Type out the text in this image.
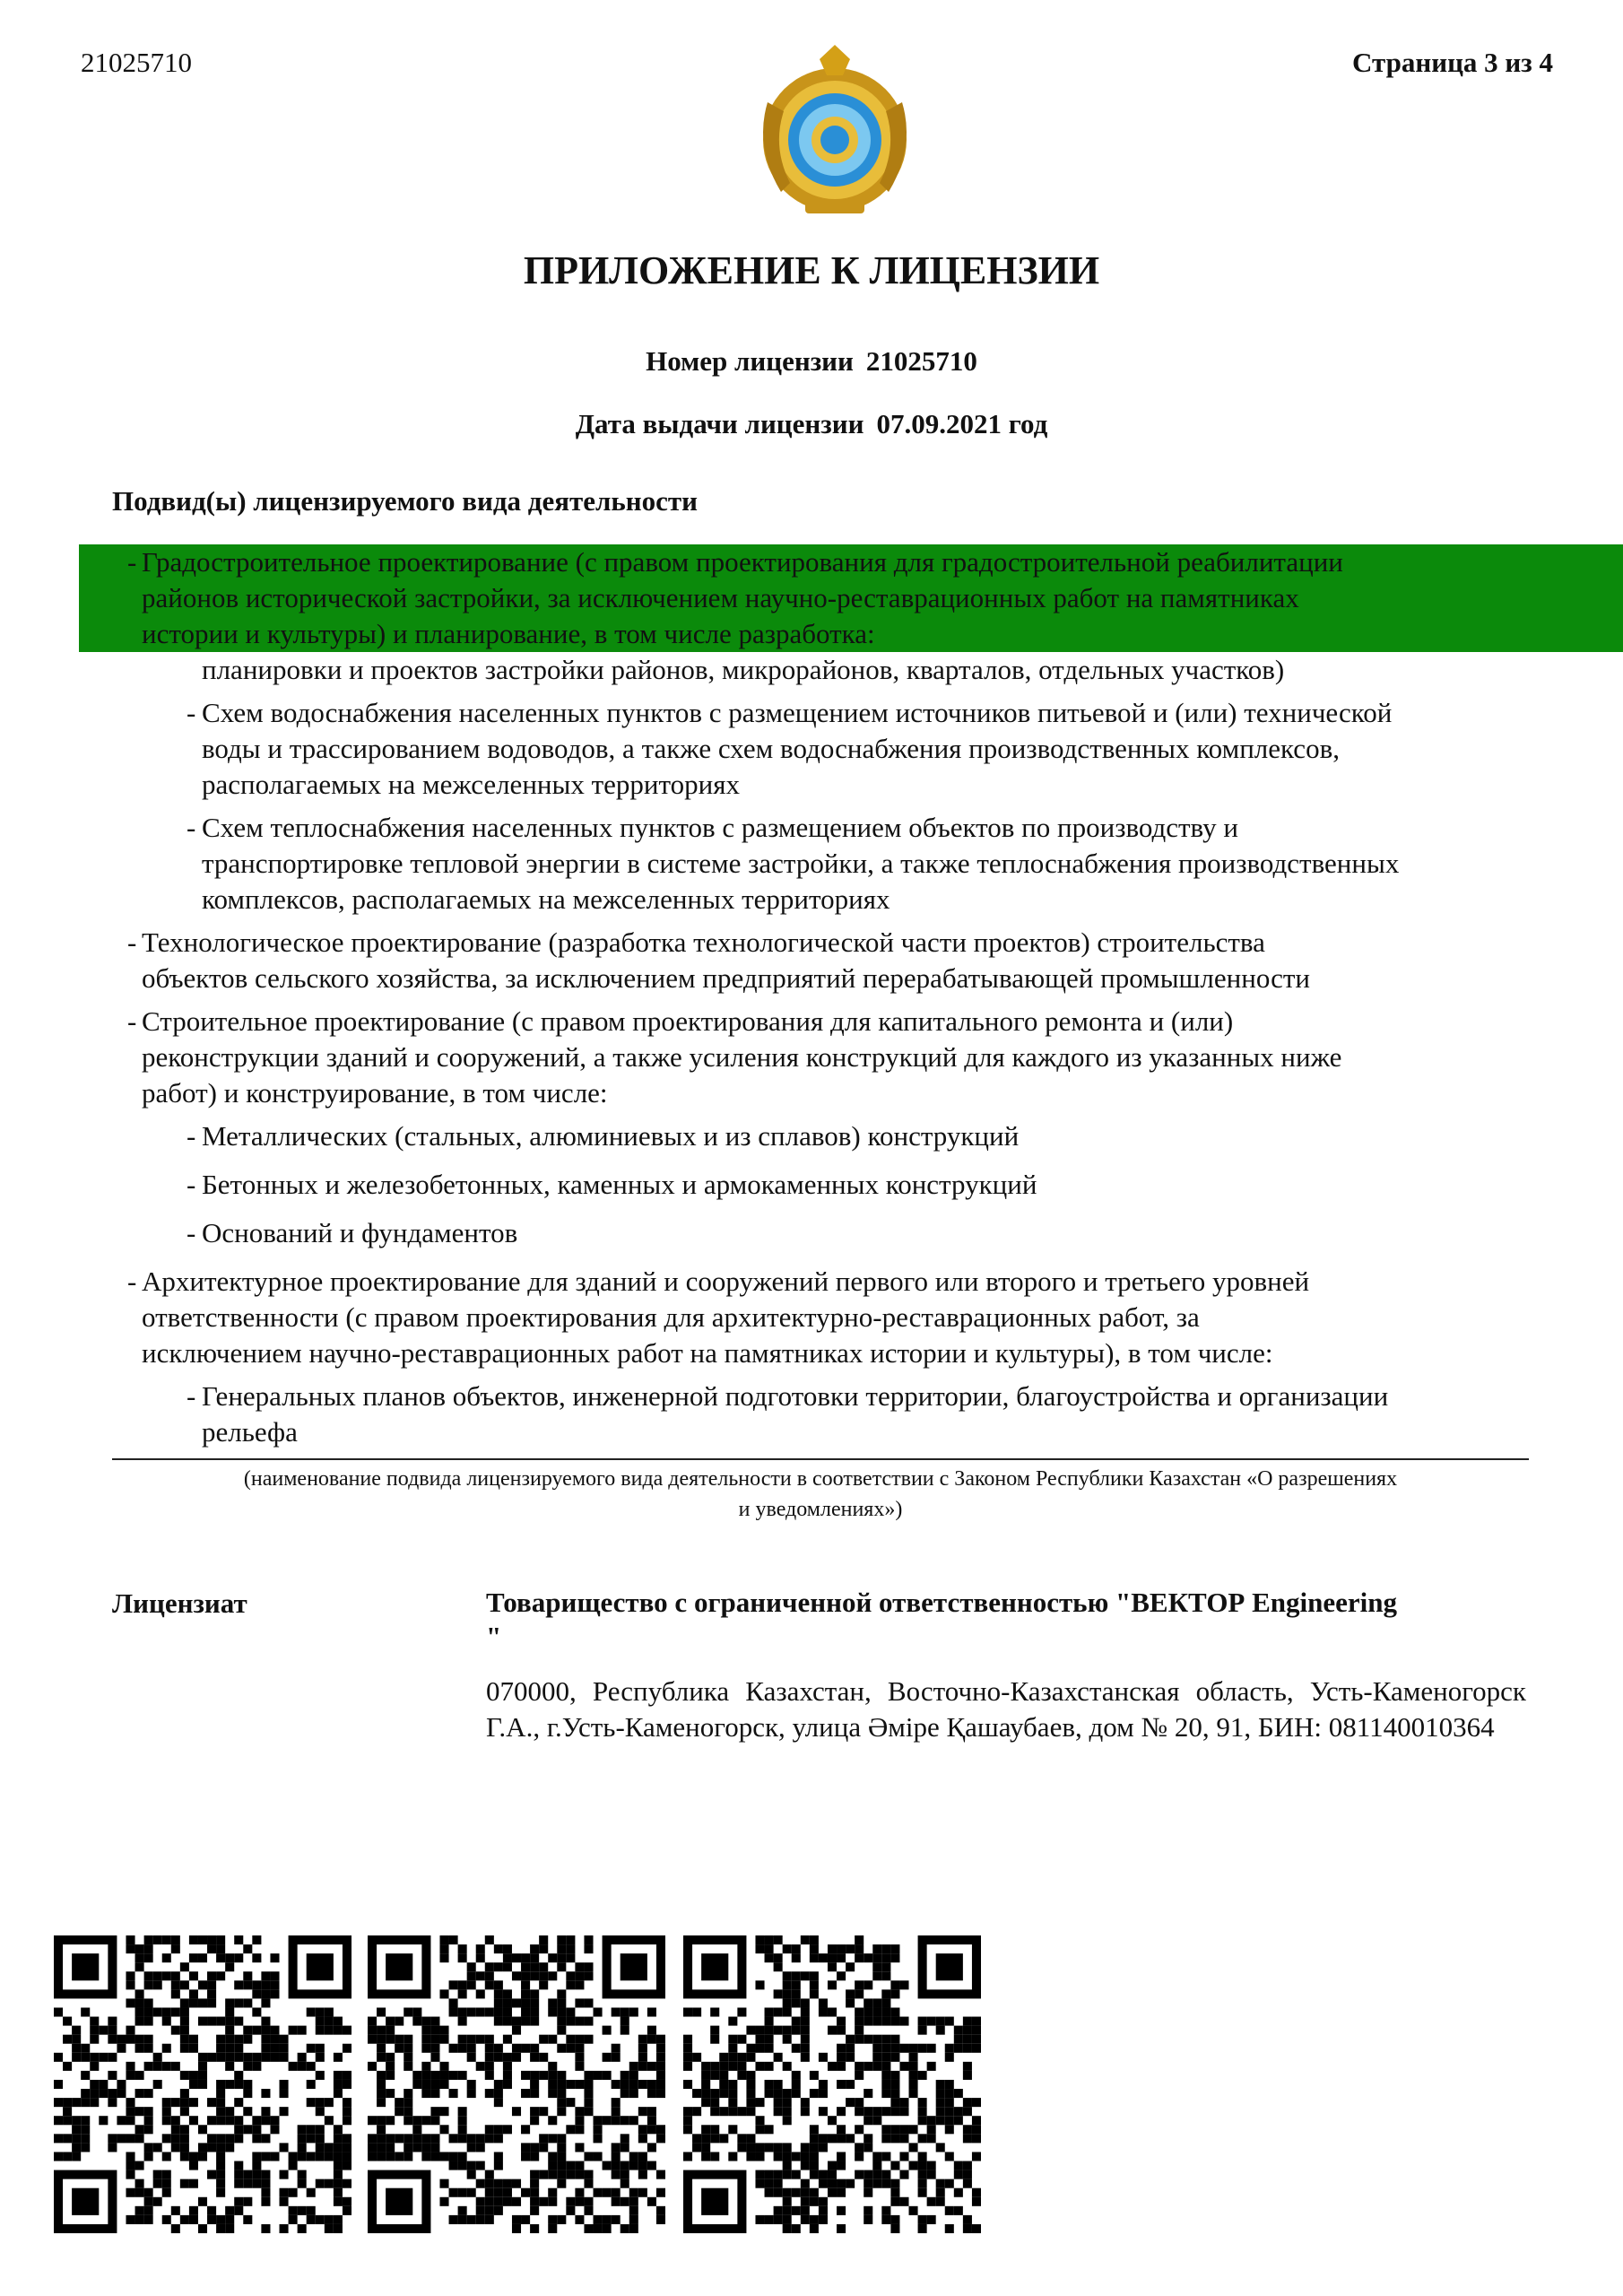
21025710	Страница 3 из 4
ПРИЛОЖЕНИЕ К ЛИЦЕНЗИИ
Номер лицензии 21025710
Дата выдачи лицензии 07.09.2021 год
Подвид(ы) лицензируемого вида деятельности
- Градостроительное проектирование (с правом проектирования для градостроительной реабилитации
районов исторической застройки, за исключением научно-реставрационных работ на памятниках
истории и культуры) и планирование, в том числе разработка:
планировки и проектов застройки районов, микрорайонов, кварталов, отдельных участков)
- Схем водоснабжения населенных пунктов с размещением источников питьевой и (или) технической
воды и трассированием водоводов, а также схем водоснабжения производственных комплексов,
располагаемых на межселенных территориях
- Схем теплоснабжения населенных пунктов с размещением объектов по производству и
транспортировке тепловой энергии в системе застройки, а также теплоснабжения производственных
комплексов, располагаемых на межселенных территориях
- Технологическое проектирование (разработка технологической части проектов) строительства
объектов сельского хозяйства, за исключением предприятий перерабатывающей промышленности
- Строительное проектирование (с правом проектирования для капитального ремонта и (или)
реконструкции зданий и сооружений, а также усиления конструкций для каждого из указанных ниже
работ) и конструирование, в том числе:
- Металлических (стальных, алюминиевых и из сплавов) конструкций
- Бетонных и железобетонных, каменных и армокаменных конструкций
- Оснований и фундаментов
- Архитектурное проектирование для зданий и сооружений первого или второго и третьего уровней
ответственности (с правом проектирования для архитектурно-реставрационных работ, за
исключением научно-реставрационных работ на памятниках истории и культуры), в том числе:
- Генеральных планов объектов, инженерной подготовки территории, благоустройства и организации
рельефа
(наименование подвида лицензируемого вида деятельности в соответствии с Законом Республики Казахстан «О разрешениях
и уведомлениях»)
Лицензиат	Товарищество с ограниченной ответственностью "ВЕКТОР Engineering
"
070000, Республика Казахстан, Восточно-Казахстанская область, Усть-Каменогорск Г.А., г.Усть-Каменогорск, улица Әміре Қашаубаев, дом № 20, 91, БИН: 081140010364
